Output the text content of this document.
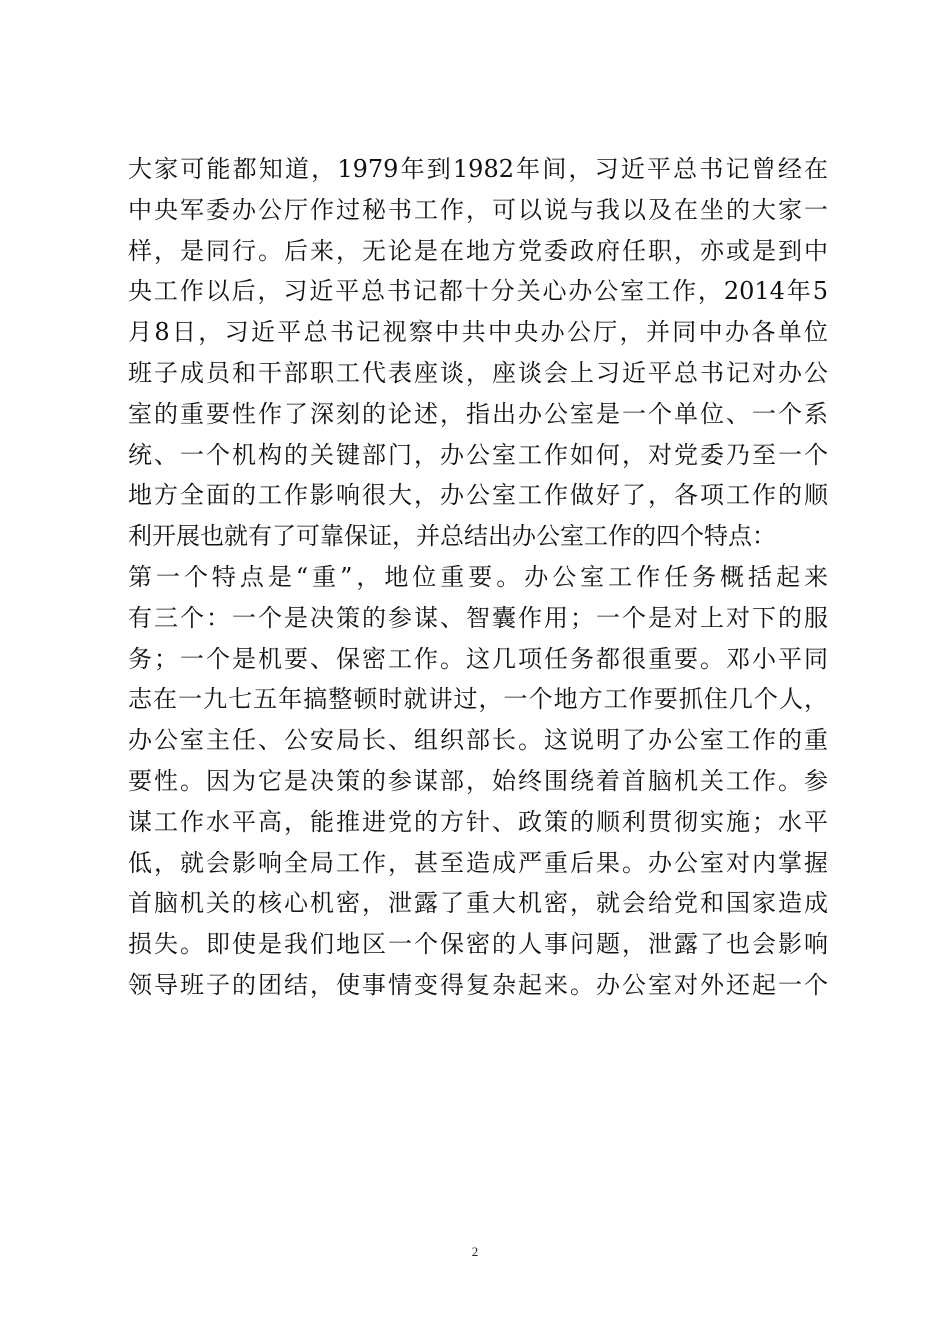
大家可能都知道，1979年到1982年间，习近平总书记曾经在
中央军委办公厅作过秘书工作，可以说与我以及在坐的大家一
样，是同行。后来，无论是在地方党委政府任职，亦或是到中
央工作以后，习近平总书记都十分关心办公室工作，2014年5
月8日，习近平总书记视察中共中央办公厅，并同中办各单位
班子成员和干部职工代表座谈，座谈会上习近平总书记对办公
室的重要性作了深刻的论述，指出办公室是一个单位、一个系
统、一个机构的关键部门，办公室工作如何，对党委乃至一个
地方全面的工作影响很大，办公室工作做好了，各项工作的顺
利开展也就有了可靠保证，并总结出办公室工作的四个特点：
第一个特点是“重”，地位重要。办公室工作任务概括起来
有三个：一个是决策的参谋、智囊作用；一个是对上对下的服
务；一个是机要、保密工作。这几项任务都很重要。邓小平同
志在一九七五年搞整顿时就讲过，一个地方工作要抓住几个人，
办公室主任、公安局长、组织部长。这说明了办公室工作的重
要性。因为它是决策的参谋部，始终围绕着首脑机关工作。参
谋工作水平高，能推进党的方针、政策的顺利贯彻实施；水平
低，就会影响全局工作，甚至造成严重后果。办公室对内掌握
首脑机关的核心机密，泄露了重大机密，就会给党和国家造成
损失。即使是我们地区一个保密的人事问题，泄露了也会影响
领导班子的团结，使事情变得复杂起来。办公室对外还起一个
2
